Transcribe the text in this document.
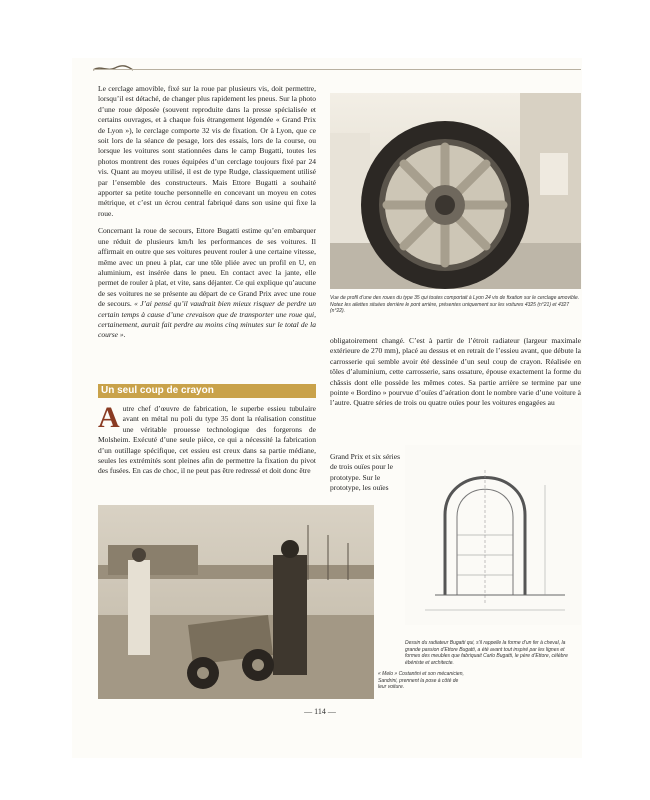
Le cerclage amovible, fixé sur la roue par plusieurs vis, doit permettre, lorsqu’il est détaché, de changer plus rapidement les pneus. Sur la photo d’une roue déposée (souvent reproduite dans la presse spécialisée et certains ouvrages, et à chaque fois étrangement légendée « Grand Prix de Lyon »), le cerclage comporte 32 vis de fixation. Or à Lyon, que ce soit lors de la séance de pesage, lors des essais, lors de la course, ou lorsque les voitures sont stationnées dans le camp Bugatti, toutes les photos montrent des roues équipées d’un cerclage toujours fixé par 24 vis. Quant au moyeu utilisé, il est de type Rudge, classiquement utilisé par l’ensemble des constructeurs. Mais Ettore Bugatti a souhaité apporter sa petite touche personnelle en concevant un moyeu en cotes métrique, et c’est un écrou central fabriqué dans son usine qui fixe la roue.

Concernant la roue de secours, Ettore Bugatti estime qu’en embarquer une réduit de plusieurs km/h les performances de ses voitures. Il affirmait en outre que ses voitures peuvent rouler à une certaine vitesse, même avec un pneu à plat, car une tôle pliée avec un profil en U, en aluminium, est insérée dans le pneu. En contact avec la jante, elle permet de rouler à plat, et vite, sans déjanter. Ce qui explique qu’aucune de ses voitures ne se présente au départ de ce Grand Prix avec une roue de secours. « J’ai pensé qu’il vaudrait bien mieux risquer de perdre un certain temps à cause d’une crevaison que de transporter une roue qui, certainement, aurait fait perdre au moins cinq minutes sur le total de la course ».

Un seul coup de crayon

A utre chef d’œuvre de fabrication, le superbe essieu tubulaire avant en métal nu poli du type 35 dont la réalisation constitue une véritable prouesse technologique des forgerons de Molsheim. Exécuté d’une seule pièce, ce qui a nécessité la fabrication d’un outillage spécifique, cet essieu est creux dans sa partie médiane, seules les extrémités sont pleines afin de permettre la fixation du pivot des fusées. En cas de choc, il ne peut pas être redressé et doit donc être

Vue de profil d’une des roues du type 35 qui toutes comportait à Lyon 24 vis de fixation sur le cerclage amovible. Notez les ailettes situées derrière le pont arrière, présentes uniquement sur les voitures 4325 (n°21) et 4327 (n°22).

obligatoirement changé. C’est à partir de l’étroit radiateur (largeur maximale extérieure de 270 mm), placé au dessus et en retrait de l’essieu avant, que débute la carrosserie qui semble avoir été dessinée d’un seul coup de crayon. Réalisée en tôles d’aluminium, cette carrosserie, sans ossature, épouse exactement la forme du châssis dont elle possède les mêmes cotes. Sa partie arrière se termine par une pointe « Bordino » pourvue d’ouïes d’aération dont le nombre varie d’une voiture à l’autre. Quatre séries de trois ou quatre ouïes pour les voitures engagées au

Grand Prix et six séries de trois ouïes pour le prototype. Sur le prototype, les ouïes

Dessin du radiateur Bugatti qui, s’il rappelle la forme d’un fer à cheval, la grande passion d’Ettore Bugatti, a été avant tout inspiré par les lignes et formes des meubles que fabriquait Carlo Bugatti, le père d’Ettore, célèbre ébéniste et architecte.
« Melo » Costantini et son mécanicien, Sandrini, prennent la pose à côté de leur voiture.
— 114 —
